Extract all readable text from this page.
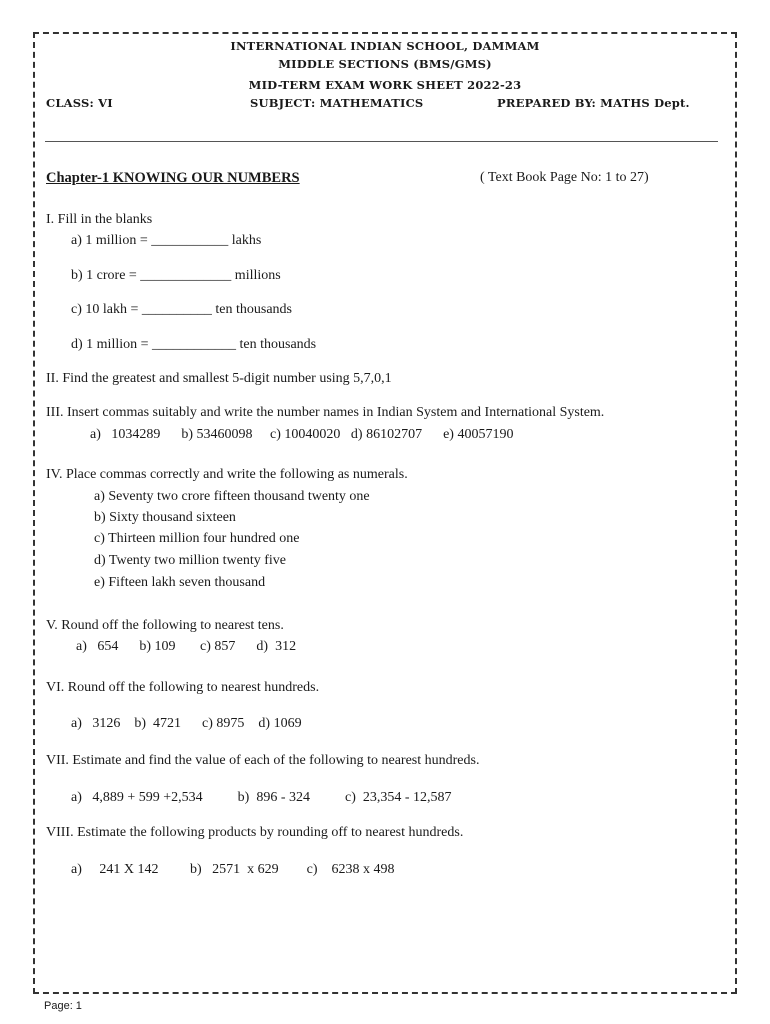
INTERNATIONAL INDIAN SCHOOL, DAMMAM
MIDDLE SECTIONS (BMS/GMS)
MID-TERM EXAM WORK SHEET 2022-23
CLASS: VI	SUBJECT: MATHEMATICS	PREPARED BY: MATHS Dept.
Chapter-1 KNOWING OUR NUMBERS	( Text Book Page No: 1 to 27)
I. Fill in the blanks
a) 1 million = ___________ lakhs
b) 1 crore = _____________ millions
c) 10 lakh = __________ ten thousands
d) 1 million = ____________ ten thousands
II. Find the greatest and smallest 5-digit number using 5,7,0,1
III. Insert commas suitably and write the number names in Indian System and International System.
a)   1034289      b) 53460098     c) 10040020   d) 86102707      e) 40057190
IV. Place commas correctly and write the following as numerals.
a) Seventy two crore fifteen thousand twenty one
b) Sixty thousand sixteen
c) Thirteen million four hundred one
d) Twenty two million twenty five
e) Fifteen lakh seven thousand
V. Round off the following to nearest tens.
a)   654      b) 109       c) 857      d)  312
VI. Round off the following to nearest hundreds.
a)   3126    b)  4721      c) 8975    d) 1069
VII. Estimate and find the value of each of the following to nearest hundreds.
a)   4,889 + 599 +2,534          b)  896 - 324          c)  23,354 - 12,587
VIII. Estimate the following products by rounding off to nearest hundreds.
a)     241 X 142         b)   2571  x 629        c)    6238 x 498
Page: 1
